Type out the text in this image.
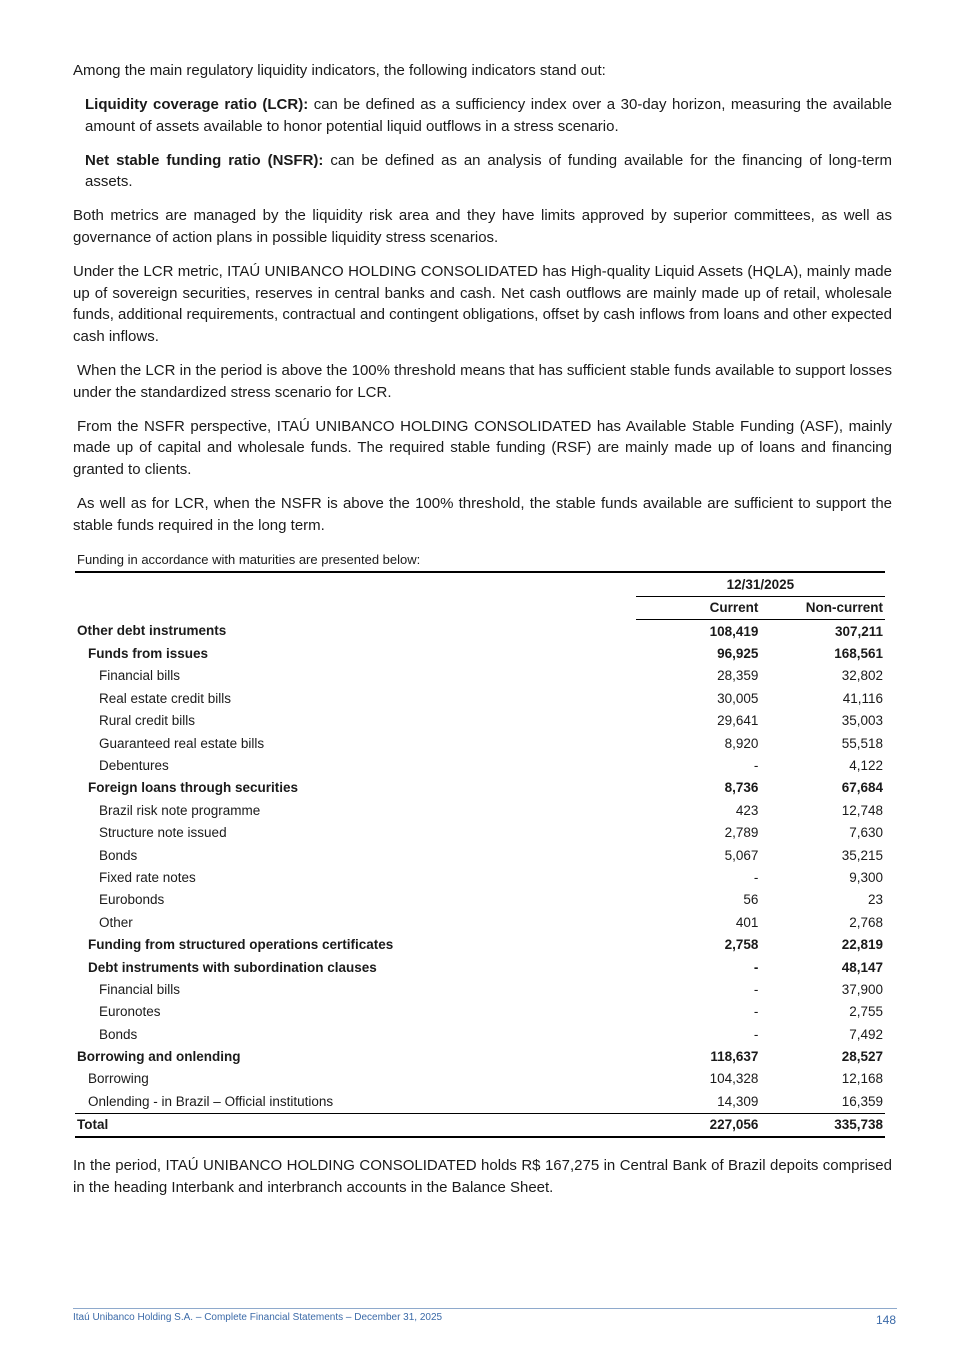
Among the main regulatory liquidity indicators, the following indicators stand out:

Liquidity coverage ratio (LCR): can be defined as a sufficiency index over a 30-day horizon, measuring the available amount of assets available to honor potential liquid outflows in a stress scenario.

Net stable funding ratio (NSFR): can be defined as an analysis of funding available for the financing of long-term assets.

Both metrics are managed by the liquidity risk area and they have limits approved by superior committees, as well as governance of action plans in possible liquidity stress scenarios.

Under the LCR metric, ITAÚ UNIBANCO HOLDING CONSOLIDATED has High-quality Liquid Assets (HQLA), mainly made up of sovereign securities, reserves in central banks and cash. Net cash outflows are mainly made up of retail, wholesale funds, additional requirements, contractual and contingent obligations, offset by cash inflows from loans and other expected cash inflows.

When the LCR in the period is above the 100% threshold means that has sufficient stable funds available to support losses under the standardized stress scenario for LCR.

From the NSFR perspective, ITAÚ UNIBANCO HOLDING CONSOLIDATED has Available Stable Funding (ASF), mainly made up of capital and wholesale funds. The required stable funding (RSF) are mainly made up of loans and financing granted to clients.

As well as for LCR, when the NSFR is above the 100% threshold, the stable funds available are sufficient to support the stable funds required in the long term.

Funding in accordance with maturities are presented below:
	12/31/2025	
	Current	Non-current
Other debt instruments	108,419	307,211
Funds from issues	96,925	168,561
Financial bills	28,359	32,802
Real estate credit bills	30,005	41,116
Rural credit bills	29,641	35,003
Guaranteed real estate bills	8,920	55,518
Debentures	-	4,122
Foreign loans through securities	8,736	67,684
Brazil risk note programme	423	12,748
Structure note issued	2,789	7,630
Bonds	5,067	35,215
Fixed rate notes	-	9,300
Eurobonds	56	23
Other	401	2,768
Funding from structured operations certificates	2,758	22,819
Debt instruments with subordination clauses	-	48,147
Financial bills	-	37,900
Euronotes	-	2,755
Bonds	-	7,492
Borrowing and onlending	118,637	28,527
Borrowing	104,328	12,168
Onlending - in Brazil – Official institutions	14,309	16,359
Total	227,056	335,738

In the period, ITAÚ UNIBANCO HOLDING CONSOLIDATED holds R$ 167,275 in Central Bank of Brazil depoits comprised in the heading Interbank and interbranch accounts in the Balance Sheet.

Itaú Unibanco Holding S.A. – Complete Financial Statements – December 31, 2025	148
